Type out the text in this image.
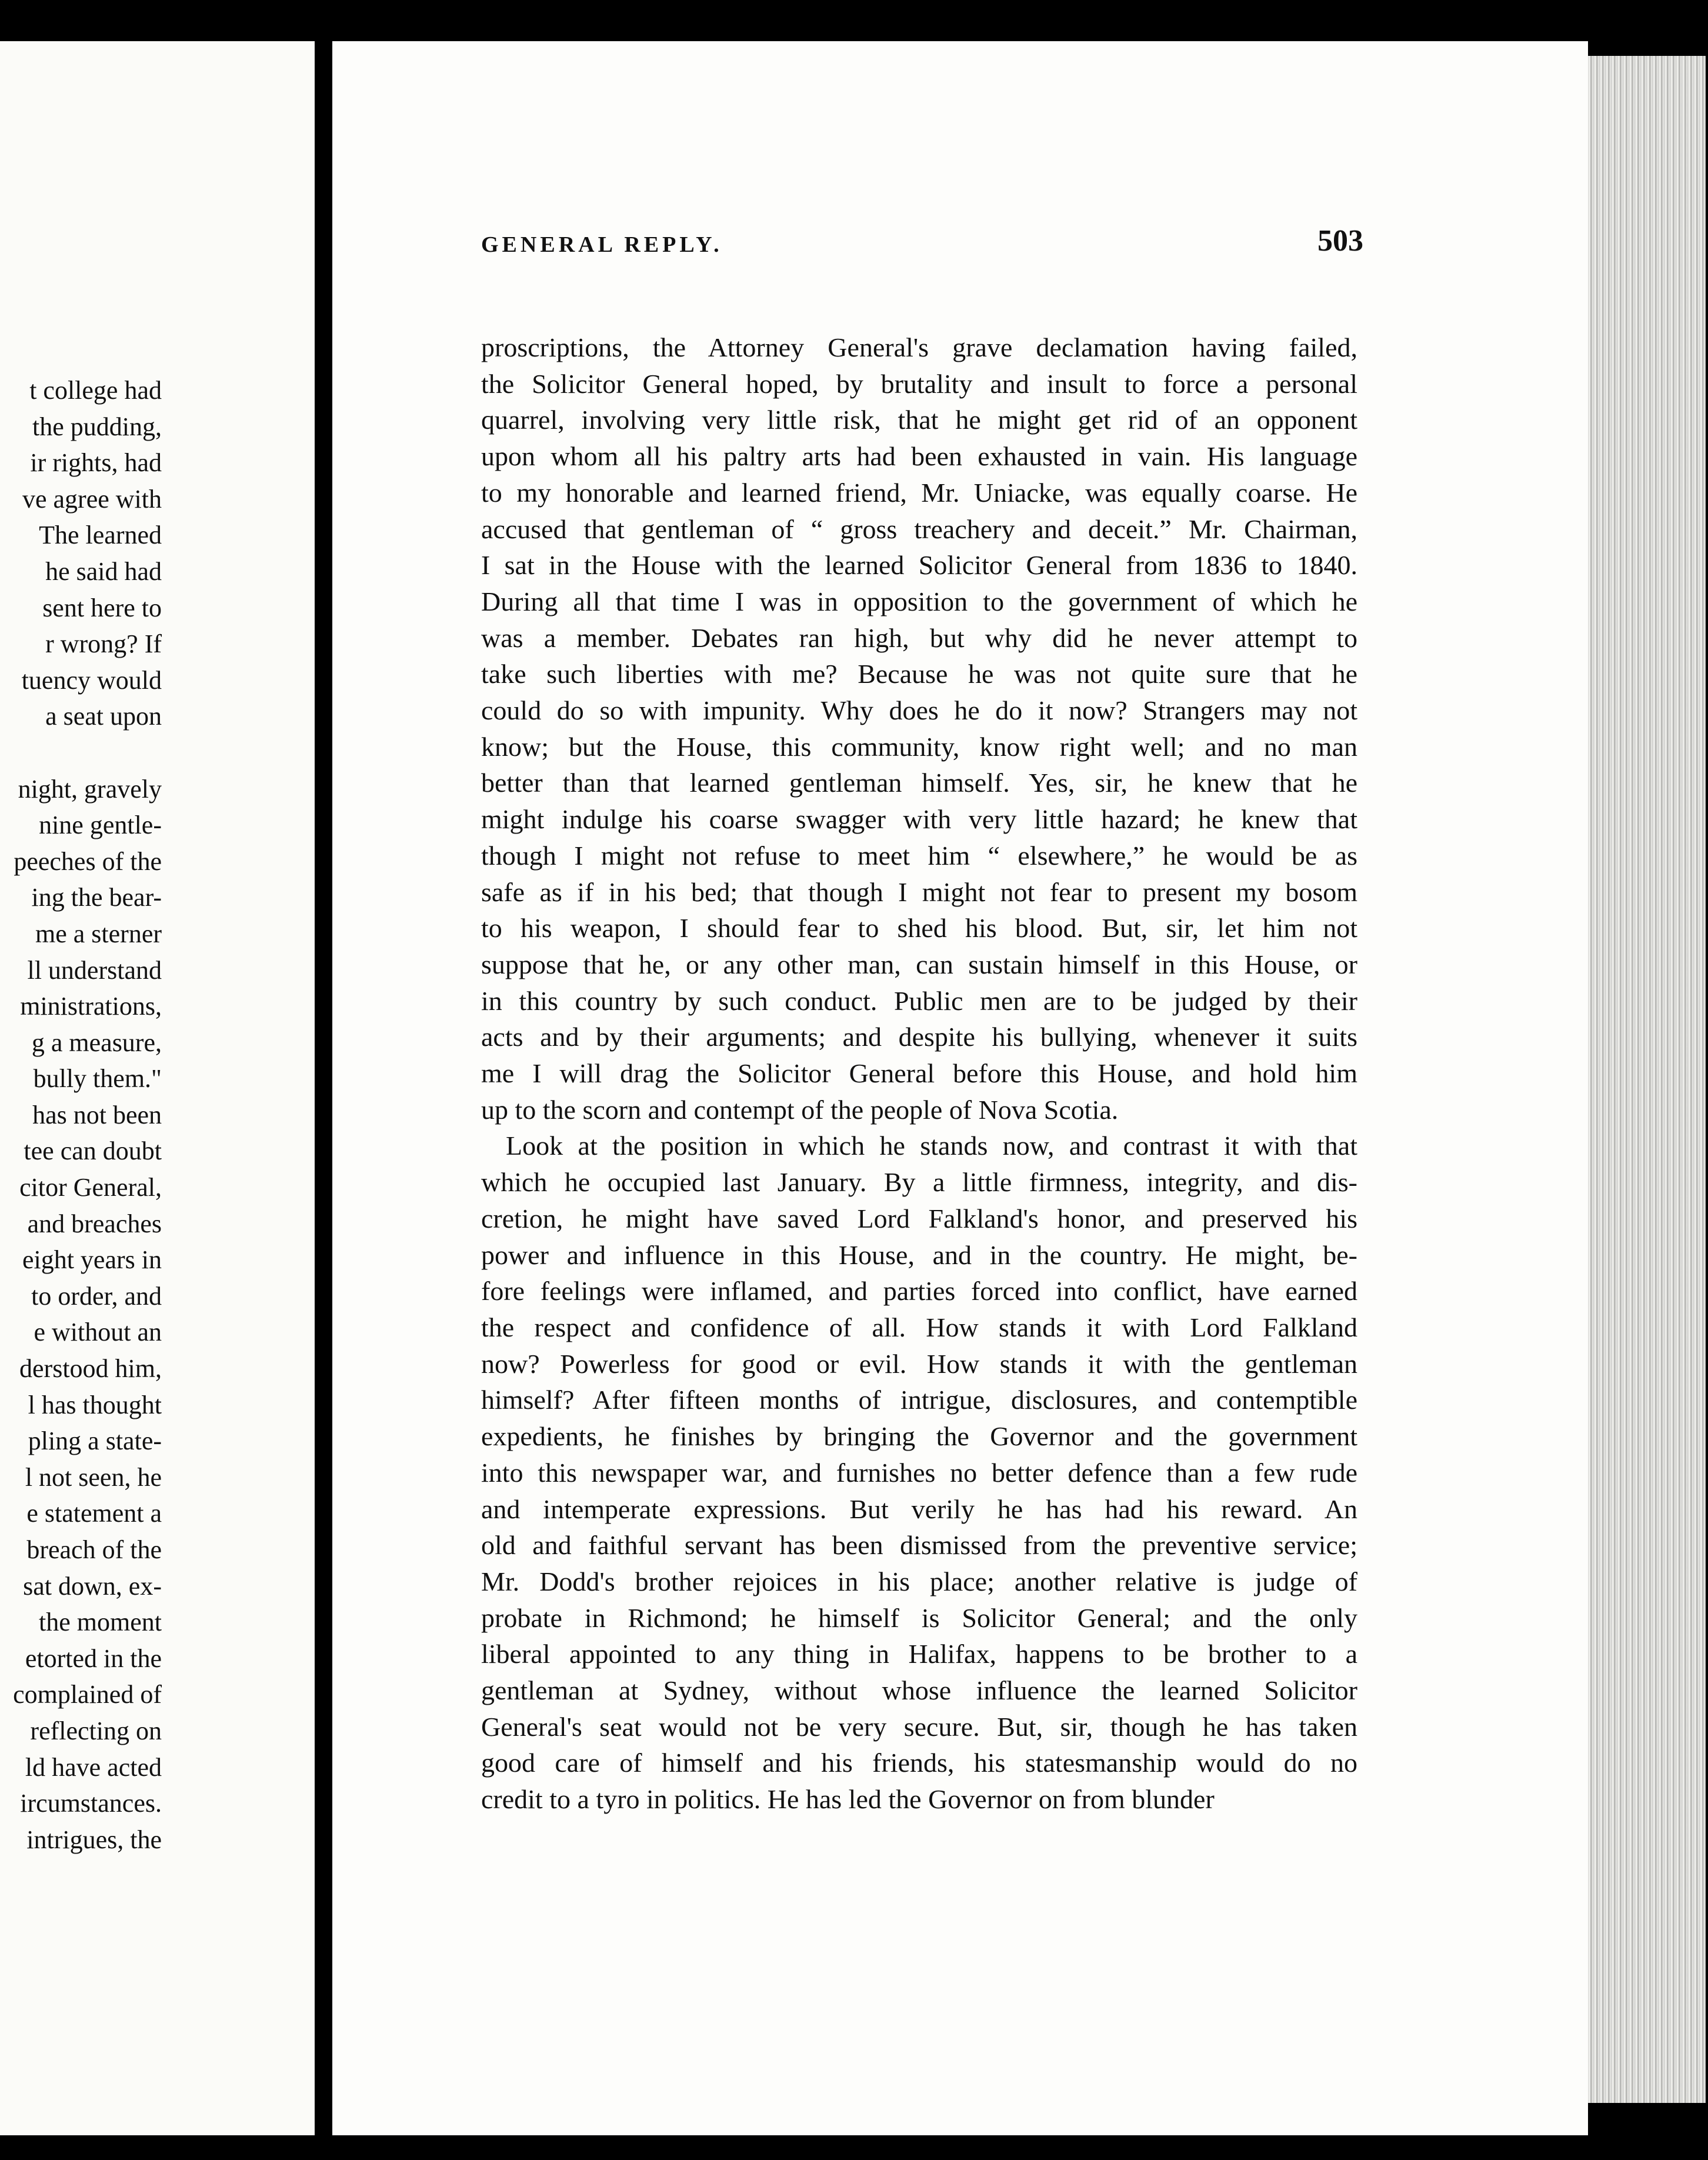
t college had
the pudding,
ir rights, had
ve agree with
The learned
he said had
sent here to
r wrong? If
tuency would
a seat upon

night, gravely
nine gentle-
peeches of the
ing the bear-
me a sterner
ll understand
ministrations,
g a measure,
bully them."
has not been
tee can doubt
citor General,
and breaches
eight years in
to order, and
e without an
derstood him,
l has thought
pling a state-
l not seen, he
e statement a
breach of the
sat down, ex-
the moment
etorted in the
complained of
reflecting on
ld have acted
ircumstances.
intrigues, the
GENERAL REPLY.	503
proscriptions, the Attorney General's grave declamation having failed,
the Solicitor General hoped, by brutality and insult to force a personal
quarrel, involving very little risk, that he might get rid of an opponent
upon whom all his paltry arts had been exhausted in vain. His language
to my honorable and learned friend, Mr. Uniacke, was equally coarse. He
accused that gentleman of “ gross treachery and deceit.” Mr. Chairman,
I sat in the House with the learned Solicitor General from 1836 to 1840.
During all that time I was in opposition to the government of which he
was a member. Debates ran high, but why did he never attempt to
take such liberties with me? Because he was not quite sure that he
could do so with impunity. Why does he do it now? Strangers may not
know; but the House, this community, know right well; and no man
better than that learned gentleman himself. Yes, sir, he knew that he
might indulge his coarse swagger with very little hazard; he knew that
though I might not refuse to meet him “ elsewhere,” he would be as
safe as if in his bed; that though I might not fear to present my bosom
to his weapon, I should fear to shed his blood. But, sir, let him not
suppose that he, or any other man, can sustain himself in this House, or
in this country by such conduct. Public men are to be judged by their
acts and by their arguments; and despite his bullying, whenever it suits
me I will drag the Solicitor General before this House, and hold him
up to the scorn and contempt of the people of Nova Scotia.
Look at the position in which he stands now, and contrast it with that
which he occupied last January. By a little firmness, integrity, and dis-
cretion, he might have saved Lord Falkland's honor, and preserved his
power and influence in this House, and in the country. He might, be-
fore feelings were inflamed, and parties forced into conflict, have earned
the respect and confidence of all. How stands it with Lord Falkland
now? Powerless for good or evil. How stands it with the gentleman
himself? After fifteen months of intrigue, disclosures, and contemptible
expedients, he finishes by bringing the Governor and the government
into this newspaper war, and furnishes no better defence than a few rude
and intemperate expressions. But verily he has had his reward. An
old and faithful servant has been dismissed from the preventive service;
Mr. Dodd's brother rejoices in his place; another relative is judge of
probate in Richmond; he himself is Solicitor General; and the only
liberal appointed to any thing in Halifax, happens to be brother to a
gentleman at Sydney, without whose influence the learned Solicitor
General's seat would not be very secure. But, sir, though he has taken
good care of himself and his friends, his statesmanship would do no
credit to a tyro in politics. He has led the Governor on from blunder
